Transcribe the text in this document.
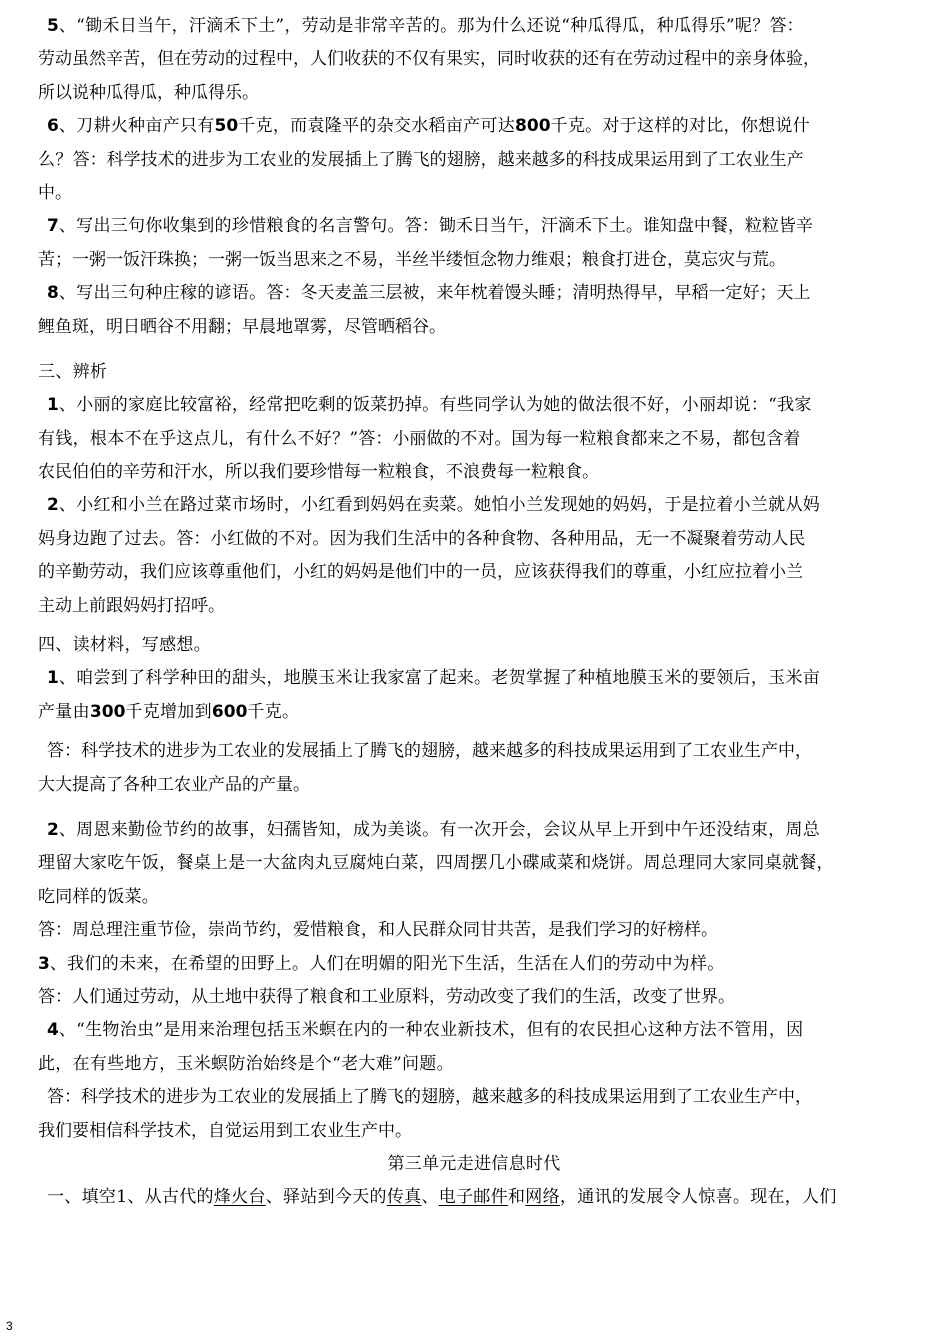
5、“锄禾日当午，汗滴禾下土”，劳动是非常辛苦的。那为什么还说“种瓜得瓜，种瓜得乐”呢？答：
劳动虽然辛苦，但在劳动的过程中，人们收获的不仅有果实，同时收获的还有在劳动过程中的亲身体验，
所以说种瓜得瓜，种瓜得乐。
6、刀耕火种亩产只有50千克，而袁隆平的杂交水稻亩产可达800千克。对于这样的对比，你想说什
么？答：科学技术的进步为工农业的发展插上了腾飞的翅膀，越来越多的科技成果运用到了工农业生产
中。
7、写出三句你收集到的珍惜粮食的名言警句。答：锄禾日当午，汗滴禾下土。谁知盘中餐，粒粒皆辛
苦；一粥一饭汗珠换；一粥一饭当思来之不易，半丝半缕恒念物力维艰；粮食打进仓，莫忘灾与荒。
8、写出三句种庄稼的谚语。答：冬天麦盖三层被，来年枕着馒头睡；清明热得早，早稻一定好；天上
鲤鱼斑，明日晒谷不用翻；早晨地罩雾，尽管晒稻谷。
三、辨析
1、小丽的家庭比较富裕，经常把吃剩的饭菜扔掉。有些同学认为她的做法很不好，小丽却说：“我家
有钱，根本不在乎这点儿，有什么不好？”答：小丽做的不对。国为每一粒粮食都来之不易，都包含着
农民伯伯的辛劳和汗水，所以我们要珍惜每一粒粮食，不浪费每一粒粮食。
2、小红和小兰在路过菜市场时，小红看到妈妈在卖菜。她怕小兰发现她的妈妈，于是拉着小兰就从妈
妈身边跑了过去。答：小红做的不对。因为我们生活中的各种食物、各种用品，无一不凝聚着劳动人民
的辛勤劳动，我们应该尊重他们，小红的妈妈是他们中的一员，应该获得我们的尊重，小红应拉着小兰
主动上前跟妈妈打招呼。
四、读材料，写感想。
1、咱尝到了科学种田的甜头，地膜玉米让我家富了起来。老贺掌握了种植地膜玉米的要领后，玉米亩
产量由300千克增加到600千克。
答：科学技术的进步为工农业的发展插上了腾飞的翅膀，越来越多的科技成果运用到了工农业生产中，
大大提高了各种工农业产品的产量。
2、周恩来勤俭节约的故事，妇孺皆知，成为美谈。有一次开会，会议从早上开到中午还没结束，周总
理留大家吃午饭，餐桌上是一大盆肉丸豆腐炖白菜，四周摆几小碟咸菜和烧饼。周总理同大家同桌就餐，
吃同样的饭菜。
答：周总理注重节俭，崇尚节约，爱惜粮食，和人民群众同甘共苦，是我们学习的好榜样。
3、我们的未来，在希望的田野上。人们在明媚的阳光下生活，生活在人们的劳动中为样。
答：人们通过劳动，从土地中获得了粮食和工业原料，劳动改变了我们的生活，改变了世界。
4、“生物治虫”是用来治理包括玉米螟在内的一种农业新技术，但有的农民担心这种方法不管用，因
此，在有些地方，玉米螟防治始终是个“老大难”问题。
答：科学技术的进步为工农业的发展插上了腾飞的翅膀，越来越多的科技成果运用到了工农业生产中，
我们要相信科学技术，自觉运用到工农业生产中。
第三单元走进信息时代
一、填空1、从古代的烽火台、驿站到今天的传真、电子邮件和网络，通讯的发展令人惊喜。现在，人们
3
